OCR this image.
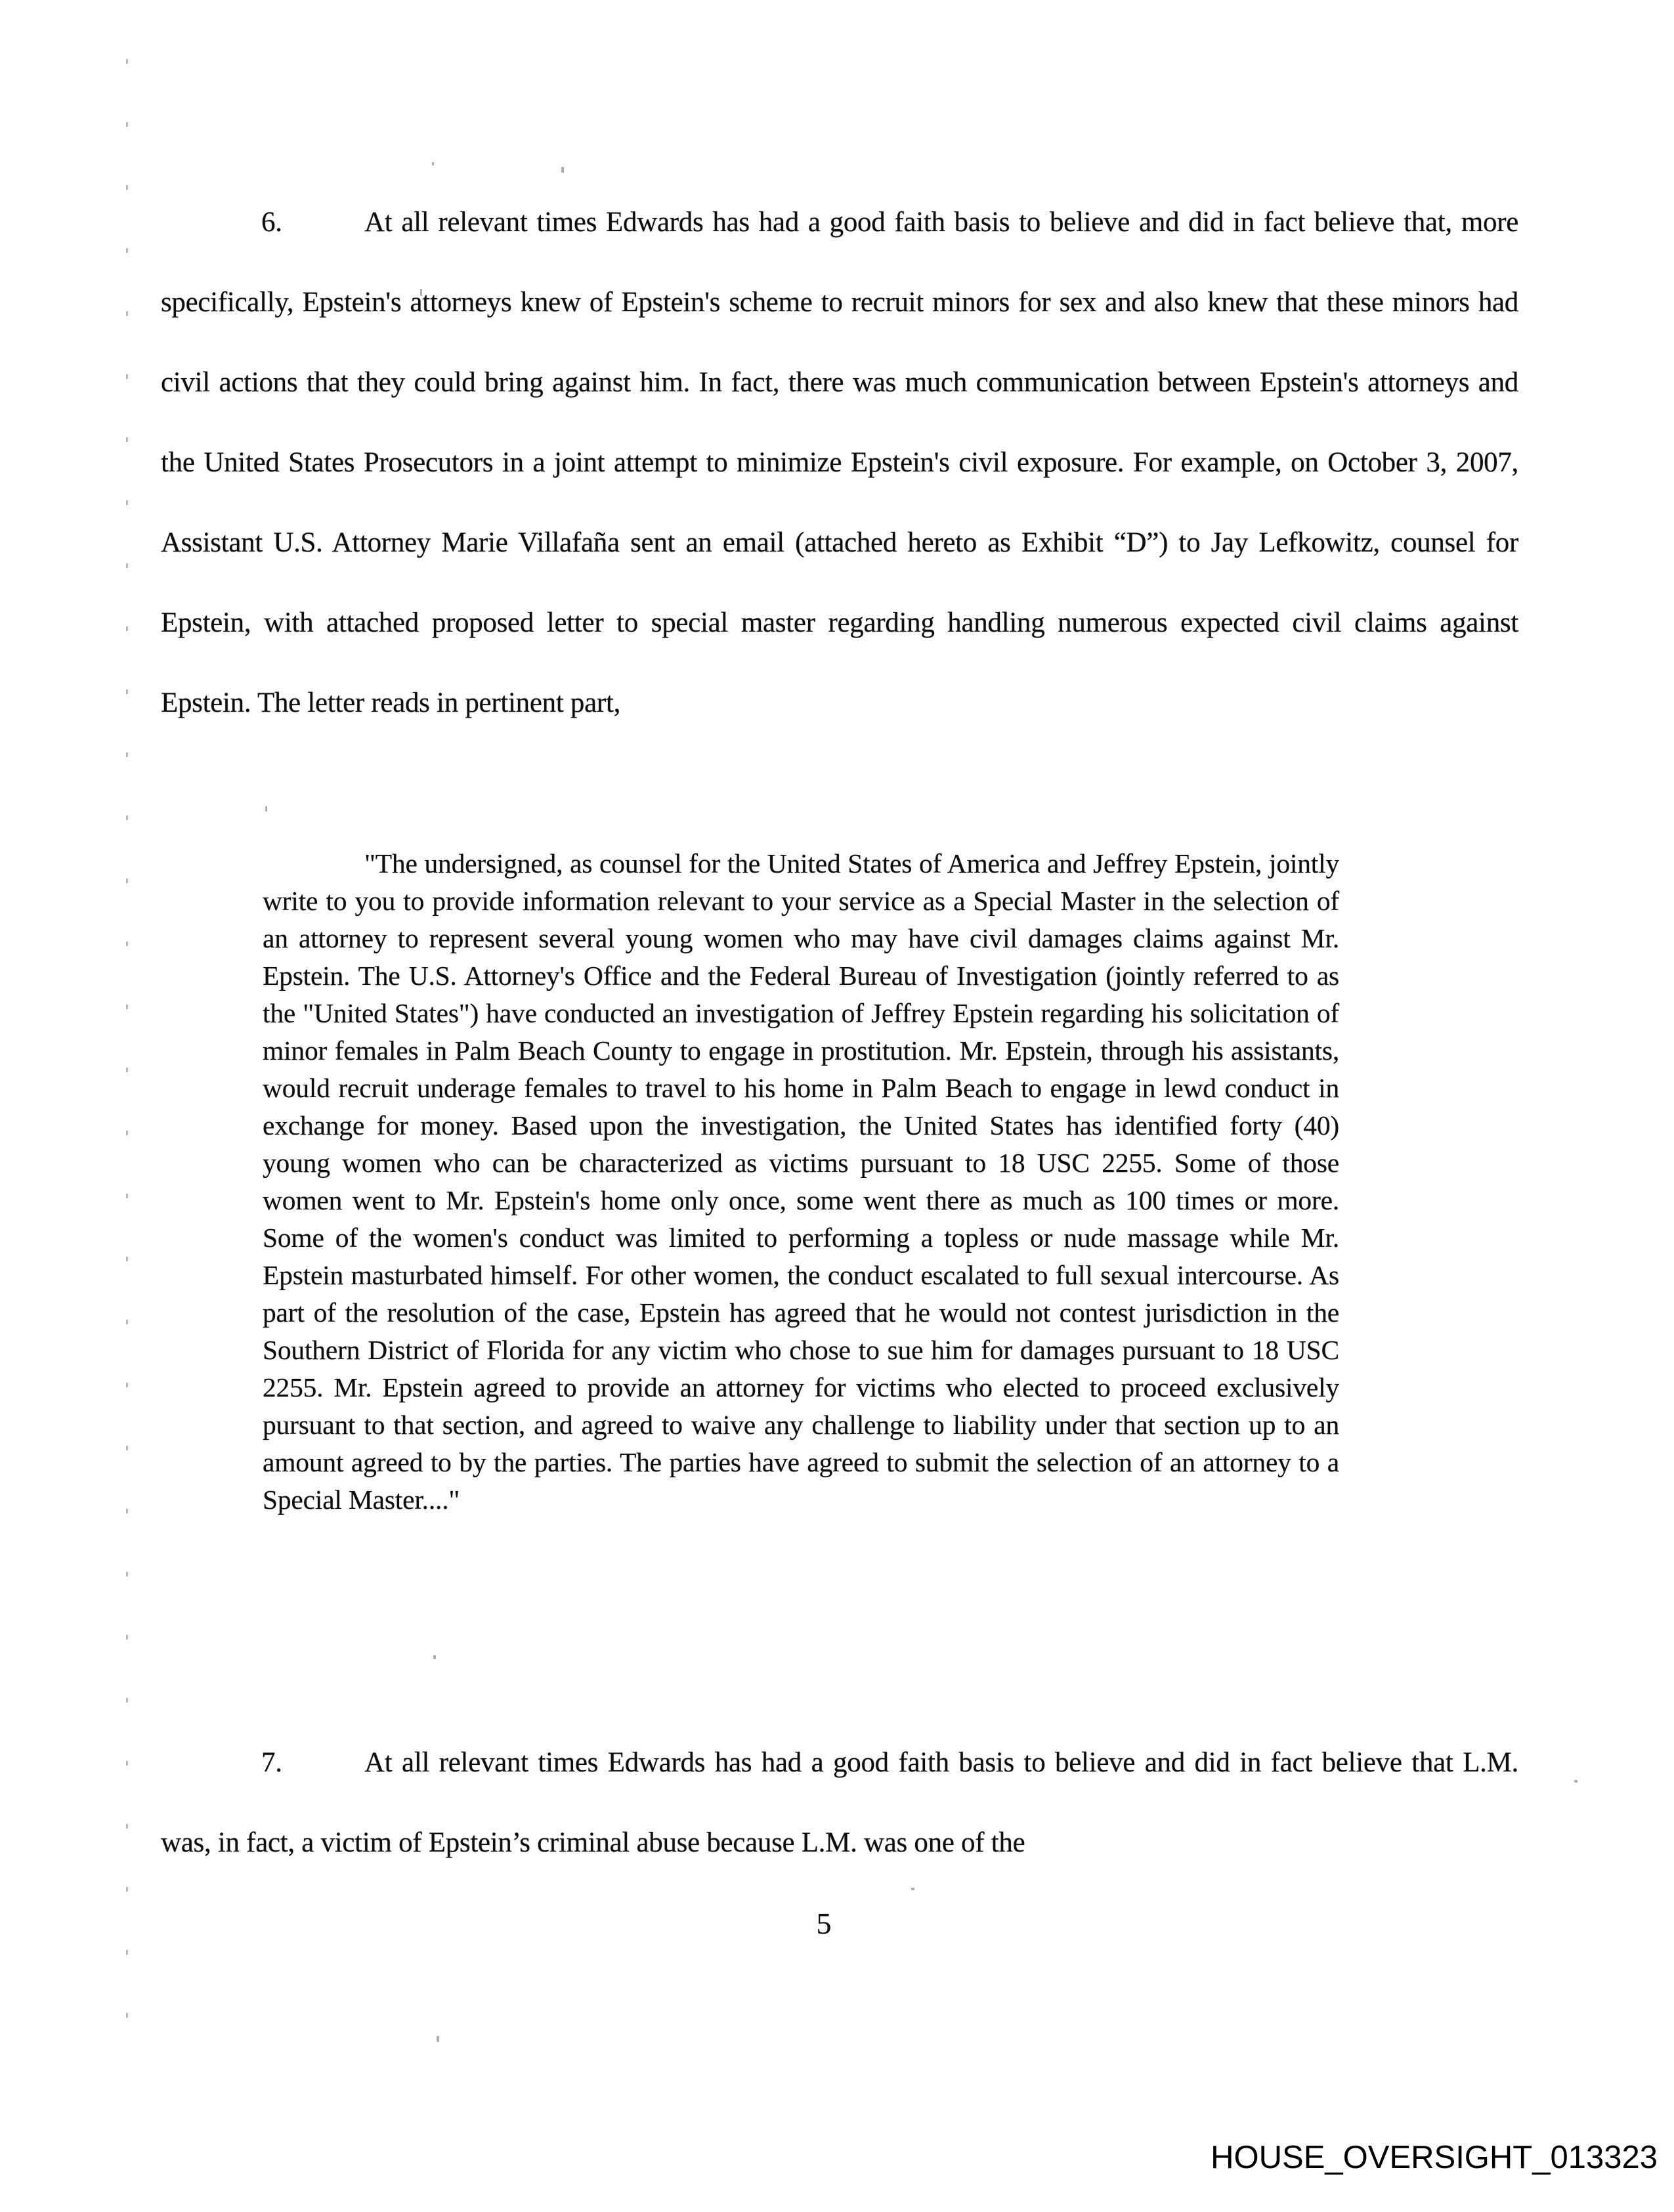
6.	At all relevant times Edwards has had a good faith basis to believe and did in fact believe that, more specifically, Epstein's attorneys knew of Epstein's scheme to recruit minors for sex and also knew that these minors had civil actions that they could bring against him. In fact, there was much communication between Epstein's attorneys and the United States Prosecutors in a joint attempt to minimize Epstein's civil exposure. For example, on October 3, 2007, Assistant U.S. Attorney Marie Villafaña sent an email (attached hereto as Exhibit “D”) to Jay Lefkowitz, counsel for Epstein, with attached proposed letter to special master regarding handling numerous expected civil claims against Epstein. The letter reads in pertinent part,

"The undersigned, as counsel for the United States of America and Jeffrey Epstein, jointly write to you to provide information relevant to your service as a Special Master in the selection of an attorney to represent several young women who may have civil damages claims against Mr. Epstein. The U.S. Attorney's Office and the Federal Bureau of Investigation (jointly referred to as the "United States") have conducted an investigation of Jeffrey Epstein regarding his solicitation of minor females in Palm Beach County to engage in prostitution. Mr. Epstein, through his assistants, would recruit underage females to travel to his home in Palm Beach to engage in lewd conduct in exchange for money. Based upon the investigation, the United States has identified forty (40) young women who can be characterized as victims pursuant to 18 USC 2255. Some of those women went to Mr. Epstein's home only once, some went there as much as 100 times or more. Some of the women's conduct was limited to performing a topless or nude massage while Mr. Epstein masturbated himself. For other women, the conduct escalated to full sexual intercourse. As part of the resolution of the case, Epstein has agreed that he would not contest jurisdiction in the Southern District of Florida for any victim who chose to sue him for damages pursuant to 18 USC 2255. Mr. Epstein agreed to provide an attorney for victims who elected to proceed exclusively pursuant to that section, and agreed to waive any challenge to liability under that section up to an amount agreed to by the parties. The parties have agreed to submit the selection of an attorney to a Special Master...."

7.	At all relevant times Edwards has had a good faith basis to believe and did in fact believe that L.M. was, in fact, a victim of Epstein’s criminal abuse because L.M. was one of the

5
HOUSE_OVERSIGHT_013323
